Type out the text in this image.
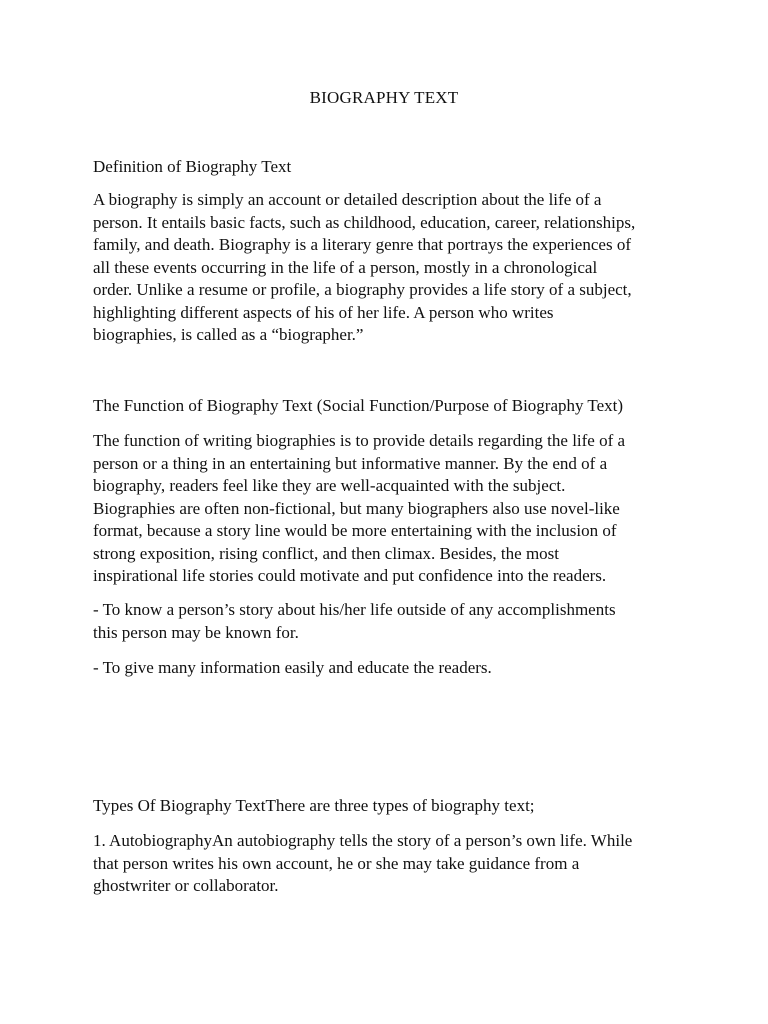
BIOGRAPHY TEXT
Definition of Biography Text
A biography is simply an account or detailed description about the life of a
person. It entails basic facts, such as childhood, education, career, relationships,
family, and death. Biography is a literary genre that portrays the experiences of
all these events occurring in the life of a person, mostly in a chronological
order. Unlike a resume or profile, a biography provides a life story of a subject,
highlighting different aspects of his of her life. A person who writes
biographies, is called as a “biographer.”
The Function of Biography Text (Social Function/Purpose of Biography Text)
The function of writing biographies is to provide details regarding the life of a
person or a thing in an entertaining but informative manner. By the end of a
biography, readers feel like they are well-acquainted with the subject.
Biographies are often non-fictional, but many biographers also use novel-like
format, because a story line would be more entertaining with the inclusion of
strong exposition, rising conflict, and then climax. Besides, the most
inspirational life stories could motivate and put confidence into the readers.
- To know a person’s story about his/her life outside of any accomplishments
this person may be known for.
- To give many information easily and educate the readers.
Types Of Biography TextThere are three types of biography text;
1. AutobiographyAn autobiography tells the story of a person’s own life. While
that person writes his own account, he or she may take guidance from a
ghostwriter or collaborator.
